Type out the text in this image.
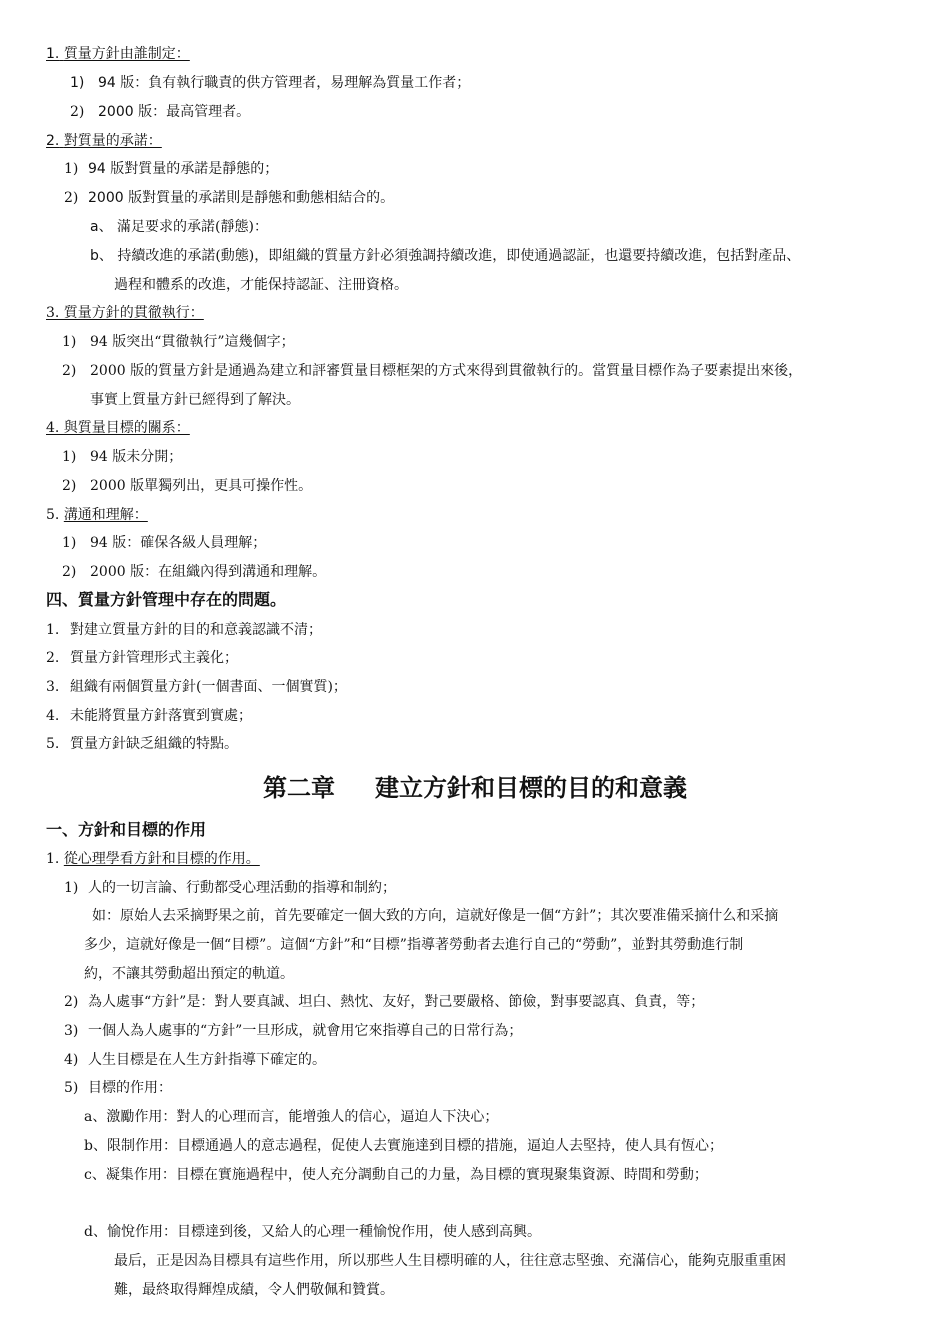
1. 質量方針由誰制定：
1) 94 版：負有執行職責的供方管理者，易理解為質量工作者；
2) 2000 版：最高管理者。
2. 對質量的承諾：
1) 94 版對質量的承諾是靜態的；
2) 2000 版對質量的承諾則是靜態和動態相結合的。
a、 滿足要求的承諾(靜態)：
b、 持續改進的承諾(動態)，即組織的質量方針必須強調持續改進，即使通過認証，也還要持續改進，包括對產品、
過程和體系的改進，才能保持認証、注冊資格。
3. 質量方針的貫徹執行：
1) 94 版突出“貫徹執行”這幾個字；
2) 2000 版的質量方針是通過為建立和評審質量目標框架的方式來得到貫徹執行的。當質量目標作為子要素提出來後，
事實上質量方針已經得到了解決。
4. 與質量目標的關系：
1) 94 版未分開；
2) 2000 版單獨列出，更具可操作性。
5. 溝通和理解：
1) 94 版：確保各級人員理解；
2) 2000 版：在組織內得到溝通和理解。
四、質量方針管理中存在的問題。
1. 對建立質量方針的目的和意義認識不清；
2. 質量方針管理形式主義化；
3. 組織有兩個質量方針(一個書面、一個實質)；
4. 未能將質量方針落實到實處；
5. 質量方針缺乏組織的特點。
第二章 建立方針和目標的目的和意義
一、方針和目標的作用
1. 從心理學看方針和目標的作用。
1) 人的一切言論、行動都受心理活動的指導和制約；
如：原始人去采摘野果之前，首先要確定一個大致的方向，這就好像是一個“方針”；其次要准備采摘什么和采摘
多少，這就好像是一個“目標”。這個“方針”和“目標”指導著勞動者去進行自己的“勞動”，並對其勞動進行制
約，不讓其勞動超出預定的軌道。
2) 為人處事“方針”是：對人要真誠、坦白、熱忱、友好，對己要嚴格、節儉，對事要認真、負責，等；
3) 一個人為人處事的“方針”一旦形成，就會用它來指導自己的日常行為；
4) 人生目標是在人生方針指導下確定的。
5) 目標的作用：
a、激勵作用：對人的心理而言，能增強人的信心，逼迫人下決心；
b、限制作用：目標通過人的意志過程，促使人去實施達到目標的措施，逼迫人去堅持，使人具有恆心；
c、凝集作用：目標在實施過程中，使人充分調動自己的力量，為目標的實現聚集資源、時間和勞動；
d、愉悅作用：目標達到後，又給人的心理一種愉悅作用，使人感到高興。
最后，正是因為目標具有這些作用，所以那些人生目標明確的人，往往意志堅強、充滿信心，能夠克服重重困
難，最終取得輝煌成績，令人們敬佩和贊賞。
